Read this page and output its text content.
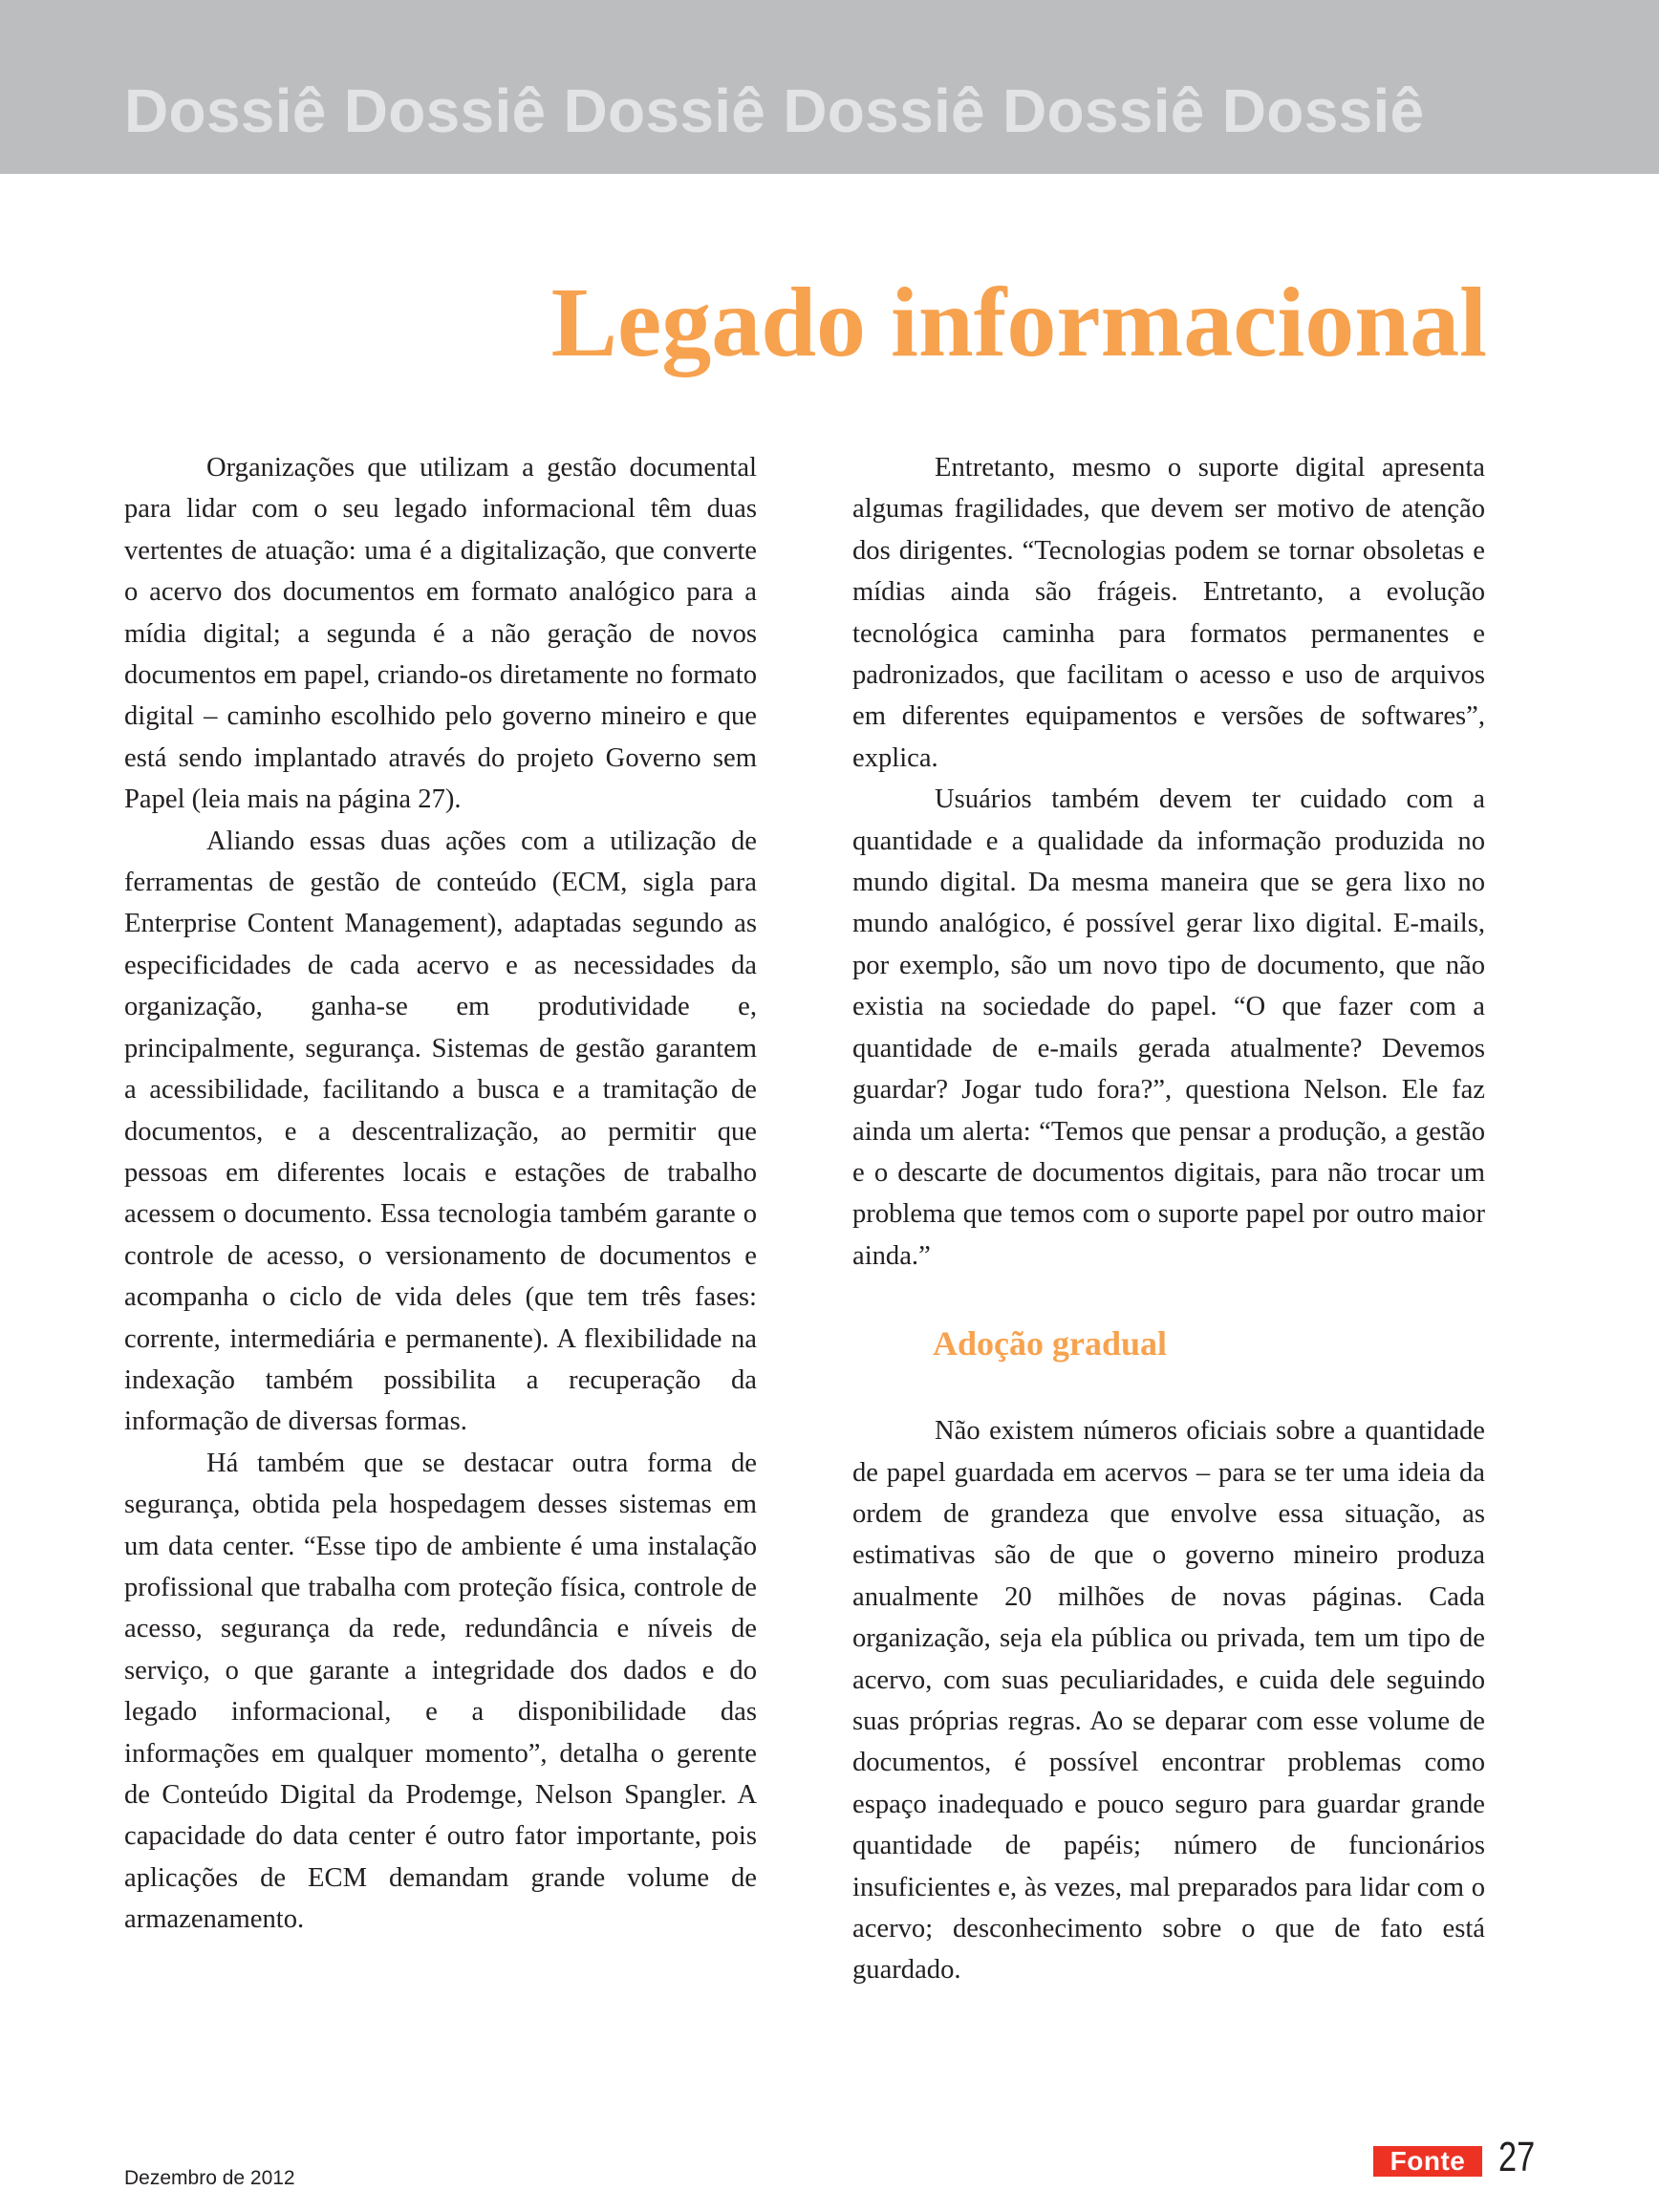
Dossiê Dossiê Dossiê Dossiê Dossiê Dossiê
Legado informacional

Organizações que utilizam a gestão documental para lidar com o seu legado informacional têm duas vertentes de atuação: uma é a digitalização, que converte o acervo dos documentos em formato analógico para a mídia digital; a segunda é a não geração de novos documentos em papel, criando-os diretamente no formato digital – caminho escolhido pelo governo mineiro e que está sendo implantado através do projeto Governo sem Papel (leia mais na página 27).

Aliando essas duas ações com a utilização de ferramentas de gestão de conteúdo (ECM, sigla para Enterprise Content Management), adaptadas segundo as especificidades de cada acervo e as necessidades da organização, ganha-se em produtividade e, principalmente, segurança. Sistemas de gestão garantem a acessibilidade, facilitando a busca e a tramitação de documentos, e a descentralização, ao permitir que pessoas em diferentes locais e estações de trabalho acessem o documento. Essa tecnologia também garante o controle de acesso, o versionamento de documentos e acompanha o ciclo de vida deles (que tem três fases: corrente, intermediária e permanente). A flexibilidade na indexação também possibilita a recuperação da informação de diversas formas.

Há também que se destacar outra forma de segurança, obtida pela hospedagem desses sistemas em um data center. “Esse tipo de ambiente é uma instalação profissional que trabalha com proteção física, controle de acesso, segurança da rede, redundância e níveis de serviço, o que garante a integridade dos dados e do legado informacional, e a disponibilidade das informações em qualquer momento”, detalha o gerente de Conteúdo Digital da Prodemge, Nelson Spangler. A capacidade do data center é outro fator importante, pois aplicações de ECM demandam grande volume de armazenamento.

Entretanto, mesmo o suporte digital apresenta algumas fragilidades, que devem ser motivo de atenção dos dirigentes. “Tecnologias podem se tornar obsoletas e mídias ainda são frágeis. Entretanto, a evolução tecnológica caminha para formatos permanentes e padronizados, que facilitam o acesso e uso de arquivos em diferentes equipamentos e versões de softwares”, explica.

Usuários também devem ter cuidado com a quantidade e a qualidade da informação produzida no mundo digital. Da mesma maneira que se gera lixo no mundo analógico, é possível gerar lixo digital. E-mails, por exemplo, são um novo tipo de documento, que não existia na sociedade do papel. “O que fazer com a quantidade de e-mails gerada atualmente? Devemos guardar? Jogar tudo fora?”, questiona Nelson. Ele faz ainda um alerta: “Temos que pensar a produção, a gestão e o descarte de documentos digitais, para não trocar um problema que temos com o suporte papel por outro maior ainda.”

Adoção gradual

Não existem números oficiais sobre a quantidade de papel guardada em acervos – para se ter uma ideia da ordem de grandeza que envolve essa situação, as estimativas são de que o governo mineiro produza anualmente 20 milhões de novas páginas. Cada organização, seja ela pública ou privada, tem um tipo de acervo, com suas peculiaridades, e cuida dele seguindo suas próprias regras. Ao se deparar com esse volume de documentos, é possível encontrar problemas como espaço inadequado e pouco seguro para guardar grande quantidade de papéis; número de funcionários insuficientes e, às vezes, mal preparados para lidar com o acervo; desconhecimento sobre o que de fato está guardado.

Dezembro de 2012
Fonte 27
